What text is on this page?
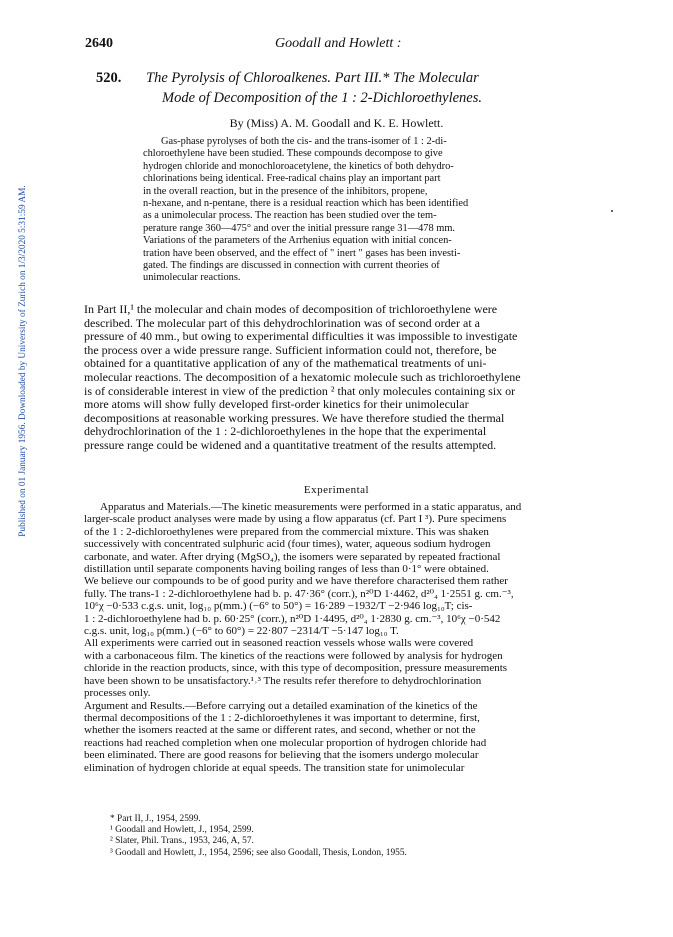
Published on 01 January 1956. Downloaded by University of Zurich on 1/3/2020 5:31:59 AM.
2640	Goodall and Howlett :
520. The Pyrolysis of Chloroalkenes. Part III.* The Molecular
Mode of Decomposition of the 1 : 2-Dichloroethylenes.
By (Miss) A. M. Goodall and K. E. Howlett.
Gas-phase pyrolyses of both the cis- and the trans-isomer of 1 : 2-di-
chloroethylene have been studied. These compounds decompose to give
hydrogen chloride and monochloroacetylene, the kinetics of both dehydro-
chlorinations being identical. Free-radical chains play an important part
in the overall reaction, but in the presence of the inhibitors, propene,
n-hexane, and n-pentane, there is a residual reaction which has been identified
as a unimolecular process. The reaction has been studied over the tem-
perature range 360—475° and over the initial pressure range 31—478 mm.
Variations of the parameters of the Arrhenius equation with initial concen-
tration have been observed, and the effect of " inert " gases has been investi-
gated. The findings are discussed in connection with current theories of
unimolecular reactions.
In Part II,¹ the molecular and chain modes of decomposition of trichloroethylene were
described. The molecular part of this dehydrochlorination was of second order at a
pressure of 40 mm., but owing to experimental difficulties it was impossible to investigate
the process over a wide pressure range. Sufficient information could not, therefore, be
obtained for a quantitative application of any of the mathematical treatments of uni-
molecular reactions. The decomposition of a hexatomic molecule such as trichloroethylene
is of considerable interest in view of the prediction ² that only molecules containing six or
more atoms will show fully developed first-order kinetics for their unimolecular
decompositions at reasonable working pressures. We have therefore studied the thermal
dehydrochlorination of the 1 : 2-dichloroethylenes in the hope that the experimental
pressure range could be widened and a quantitative treatment of the results attempted.
Experimental
Apparatus and Materials.—The kinetic measurements were performed in a static apparatus, and
larger-scale product analyses were made by using a flow apparatus (cf. Part I ³). Pure specimens
of the 1 : 2-dichloroethylenes were prepared from the commercial mixture. This was shaken
successively with concentrated sulphuric acid (four times), water, aqueous sodium hydrogen
carbonate, and water. After drying (MgSO₄), the isomers were separated by repeated fractional
distillation until separate components having boiling ranges of less than 0·1° were obtained.
We believe our compounds to be of good purity and we have therefore characterised them rather
fully. The trans-1 : 2-dichloroethylene had b. p. 47·36° (corr.), n²⁰D 1·4462, d²⁰₄ 1·2551 g. cm.⁻³,
10⁶χ −0·533 c.g.s. unit, log₁₀ p(mm.) (−6° to 50°) = 16·289 −1932/T −2·946 log₁₀T; cis-
1 : 2-dichloroethylene had b. p. 60·25° (corr.), n²⁰D 1·4495, d²⁰₄ 1·2830 g. cm.⁻³, 10⁶χ −0·542
c.g.s. unit, log₁₀ p(mm.) (−6° to 60°) = 22·807 −2314/T −5·147 log₁₀ T.
All experiments were carried out in seasoned reaction vessels whose walls were covered
with a carbonaceous film. The kinetics of the reactions were followed by analysis for hydrogen
chloride in the reaction products, since, with this type of decomposition, pressure measurements
have been shown to be unsatisfactory.¹˒³ The results refer therefore to dehydrochlorination
processes only.
Argument and Results.—Before carrying out a detailed examination of the kinetics of the
thermal decompositions of the 1 : 2-dichloroethylenes it was important to determine, first,
whether the isomers reacted at the same or different rates, and second, whether or not the
reactions had reached completion when one molecular proportion of hydrogen chloride had
been eliminated. There are good reasons for believing that the isomers undergo molecular
elimination of hydrogen chloride at equal speeds. The transition state for unimolecular
* Part II, J., 1954, 2599.
¹ Goodall and Howlett, J., 1954, 2599.
² Slater, Phil. Trans., 1953, 246, A, 57.
³ Goodall and Howlett, J., 1954, 2596; see also Goodall, Thesis, London, 1955.
